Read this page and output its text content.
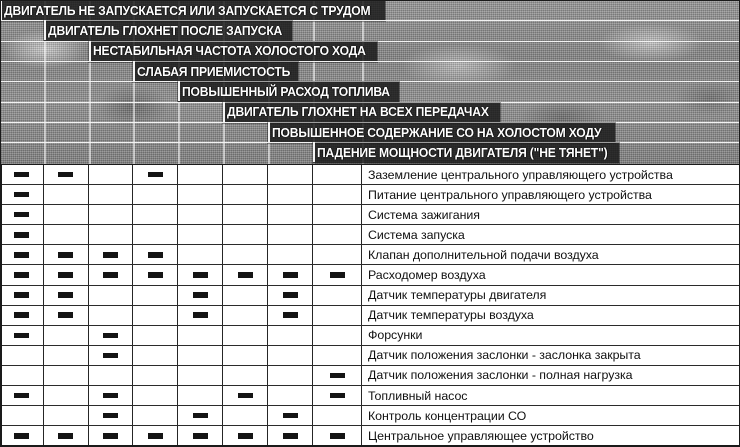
ДВИГАТЕЛЬ НЕ ЗАПУСКАЕТСЯ ИЛИ ЗАПУСКАЕТСЯ С ТРУДОМ
ДВИГАТЕЛЬ ГЛОХНЕТ ПОСЛЕ ЗАПУСКА
НЕСТАБИЛЬНАЯ ЧАСТОТА ХОЛОСТОГО ХОДА
СЛАБАЯ ПРИЕМИСТОСТЬ
ПОВЫШЕННЫЙ РАСХОД ТОПЛИВА
ДВИГАТЕЛЬ ГЛОХНЕТ НА ВСЕХ ПЕРЕДАЧАХ
ПОВЫШЕННОЕ СОДЕРЖАНИЕ СО НА ХОЛОСТОМ ХОДУ
ПАДЕНИЕ МОЩНОСТИ ДВИГАТЕЛЯ ("НЕ ТЯНЕТ")
Заземление центрального управляющего устройства
Питание центрального управляющего устройства
Система зажигания
Система запуска
Клапан дополнительной подачи воздуха
Расходомер воздуха
Датчик температуры двигателя
Датчик температуры воздуха
Форсунки
Датчик положения заслонки - заслонка закрыта
Датчик положения заслонки - полная нагрузка
Топливный насос
Контроль концентрации СО
Центральное управляющее устройство
